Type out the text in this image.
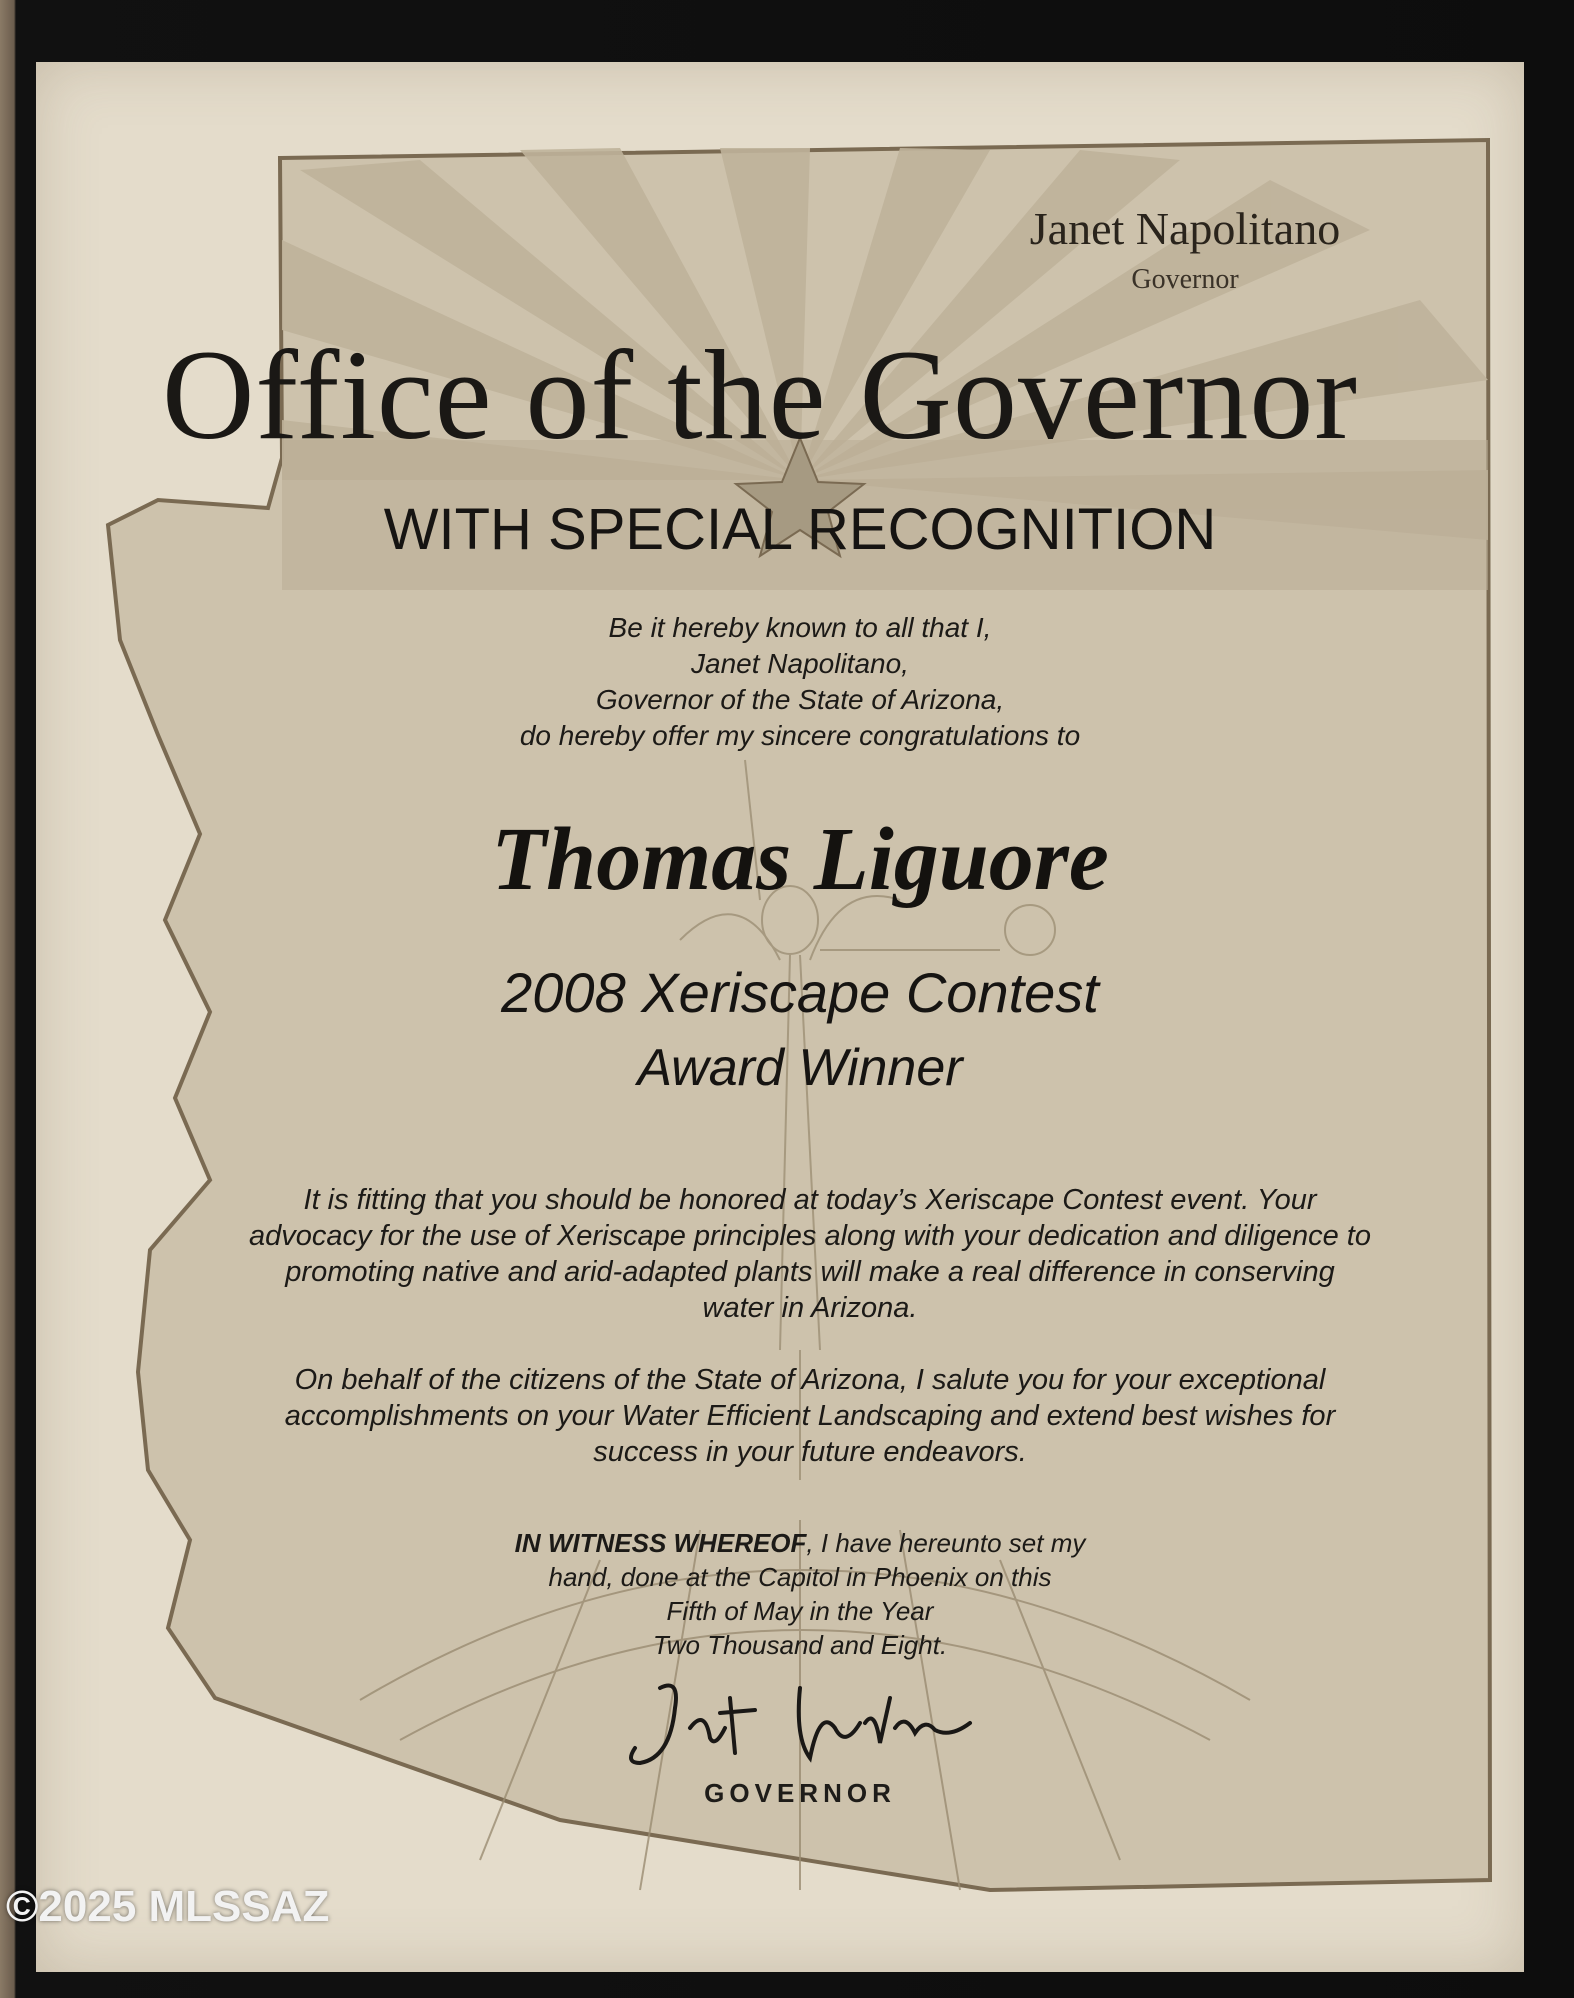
Janet Napolitano
Governor
Office of the Governor
WITH SPECIAL RECOGNITION
Be it hereby known to all that I,
Janet Napolitano,
Governor of the State of Arizona,
do hereby offer my sincere congratulations to
Thomas Liguore
2008 Xeriscape Contest
Award Winner
It is fitting that you should be honored at today’s Xeriscape Contest event. Your
advocacy for the use of Xeriscape principles along with your dedication and diligence to
promoting native and arid-adapted plants will make a real difference in conserving
water in Arizona.
On behalf of the citizens of the State of Arizona, I salute you for your exceptional
accomplishments on your Water Efficient Landscaping and extend best wishes for
success in your future endeavors.
IN WITNESS WHEREOF, I have hereunto set my
hand, done at the Capitol in Phoenix on this
Fifth of May in the Year
Two Thousand and Eight.
GOVERNOR
©2025 MLSSAZ
